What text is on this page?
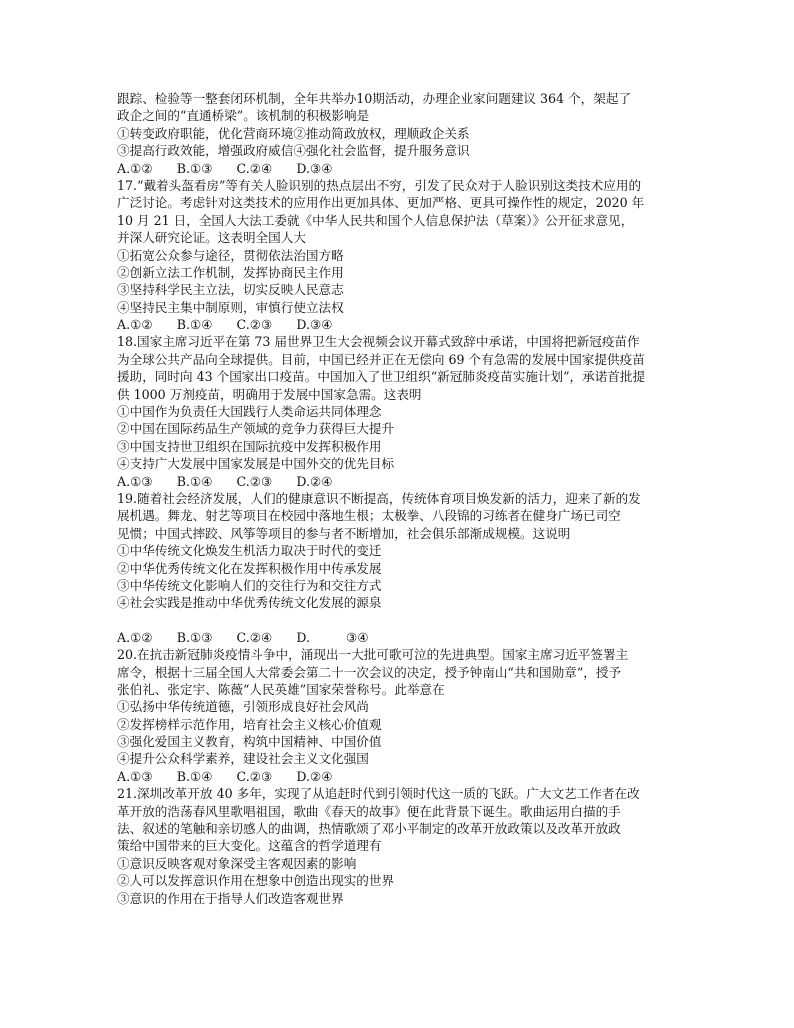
跟踪、检验等一整套闭环机制，全年共举办10期活动，办理企业家问题建议 364 个，架起了
政企之间的“直通桥梁”。该机制的积极影响是
①转变政府职能，优化营商环境②推动简政放权，理顺政企关系
③提高行政效能，增强政府威信④强化社会监督，提升服务意识
A.①②      B.①③      C.②④      D.③④
17.“戴着头盔看房”等有关人脸识别的热点层出不穷，引发了民众对于人脸识别这类技术应用的
广泛讨论。考虑针对这类技术的应用作出更加具体、更加严格、更具可操作性的规定，2020 年
10 月 21 日，全国人大法工委就《中华人民共和国个人信息保护法（草案）》公开征求意见，
并深人研究论证。这表明全国人大
①拓宽公众参与途径，贯彻依法治国方略
②创新立法工作机制，发挥协商民主作用
③坚持科学民主立法，切实反映人民意志
④坚持民主集中制原则，审慎行使立法权
A.①②      B.①④      C.②③      D.③④
18.国家主席习近平在第 73 届世界卫生大会视频会议开幕式致辞中承诺，中国将把新冠疫苗作
为全球公共产品向全球提供。目前，中国已经并正在无偿向 69 个有急需的发展中国家提供疫苗
援助，同时向 43 个国家出口疫苗。中国加入了世卫组织“新冠肺炎疫苗实施计划”，承诺首批提
供 1000 万剂疫苗，明确用于发展中国家急需。这表明
①中国作为负责任大国践行人类命运共同体理念
②中国在国际药品生产领域的竞争力获得巨大提升
③中国支持世卫组织在国际抗疫中发挥积极作用
④支持广大发展中国家发展是中国外交的优先目标
A.①③      B.①④      C.②③      D.②④
19.随着社会经济发展，人们的健康意识不断提高，传统体育项目焕发新的活力，迎来了新的发
展机遇。舞龙、射艺等项目在校园中落地生根；太极拳、八段锦的习练者在健身广场已司空
见惯；中国式摔跤、风筝等项目的参与者不断增加，社会俱乐部渐成规模。这说明
①中华传统文化焕发生机活力取决于时代的变迁
②中华优秀传统文化在发挥积极作用中传承发展
③中华传统文化影响人们的交往行为和交往方式
④社会实践是推动中华优秀传统文化发展的源泉
A.①②      B.①③      C.②④      D.         ③④
20.在抗击新冠肺炎疫情斗争中，涌现出一大批可歌可泣的先进典型。国家主席习近平签署主
席令，根据十三届全国人大常委会第二十一次会议的决定，授予钟南山“共和国勋章”，授予
张伯礼、张定宇、陈薇“人民英雄”国家荣誉称号。此举意在
①弘扬中华传统道德，引领形成良好社会风尚
②发挥榜样示范作用，培育社会主义核心价值观
③强化爱国主义教育，构筑中国精神、中国价值
④提升公众科学素养，建设社会主义文化强国
A.①③      B.①④      C.②③      D.②④
21.深圳改革开放 40 多年，实现了从追赶时代到引领时代这一质的飞跃。广大文艺工作者在改
革开放的浩荡春风里歌唱祖国，歌曲《春天的故事》便在此背景下诞生。歌曲运用白描的手
法、叙述的笔触和亲切感人的曲调，热情歌颂了邓小平制定的改革开放政策以及改革开放政
策给中国带来的巨大变化。这蕴含的哲学道理有
①意识反映客观对象深受主客观因素的影响
②人可以发挥意识作用在想象中创造出现实的世界
③意识的作用在于指导人们改造客观世界
